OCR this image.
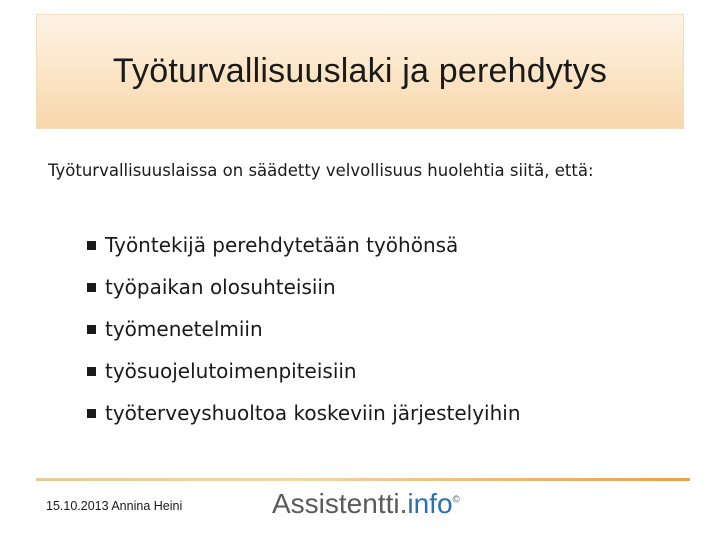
Työturvallisuuslaki ja perehdytys
Työturvallisuuslaissa on säädetty velvollisuus huolehtia siitä, että:
Työntekijä perehdytetään työhönsä
työpaikan olosuhteisiin
työmenetelmiin
työsuojelutoimenpiteisiin
työterveyshuoltoa koskeviin järjestelyihin
15.10.2013 Annina Heini	Assistentti.info©
